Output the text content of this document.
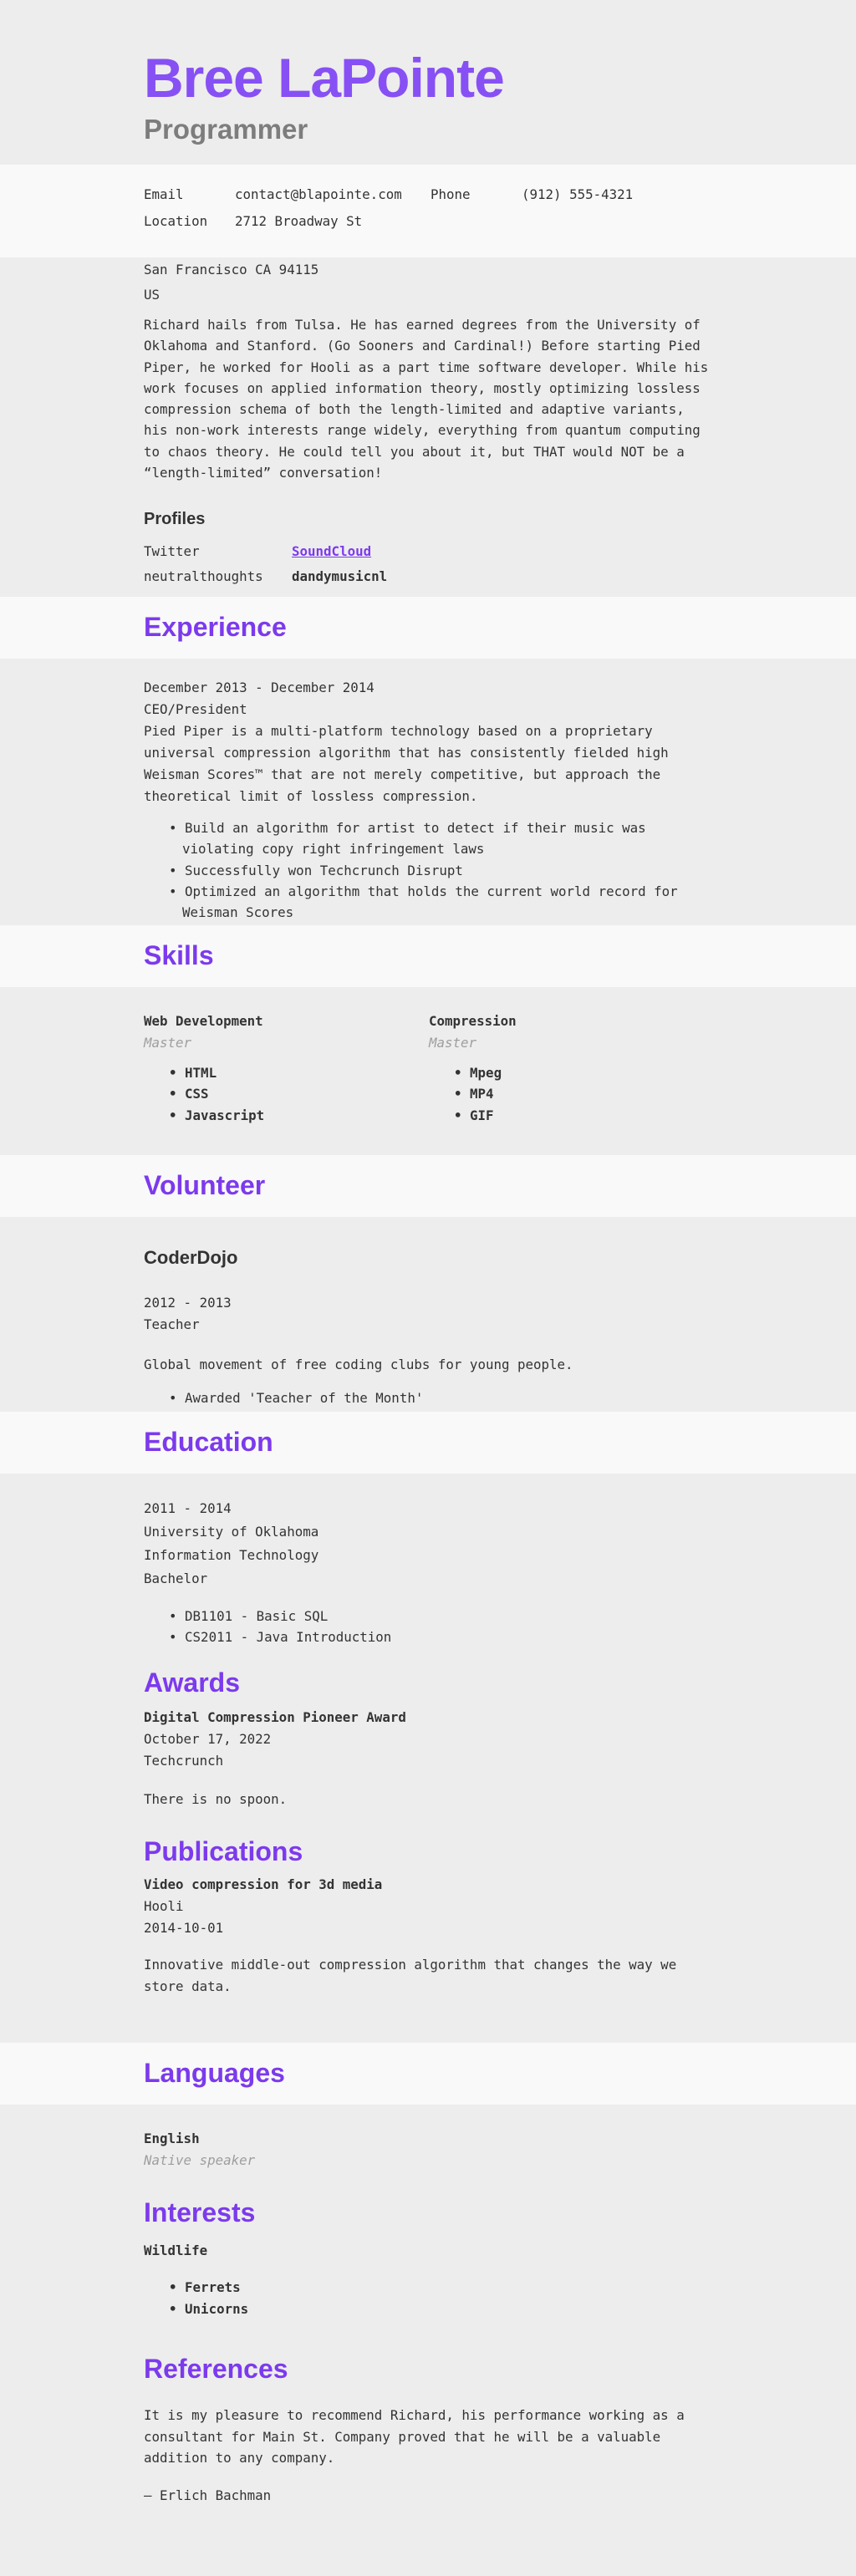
Bree LaPointe
Programmer
Email	contact@blapointe.com	Phone	(912) 555-4321
Location	2712 Broadway St
San Francisco CA 94115
US

Richard hails from Tulsa. He has earned degrees from the University of Oklahoma and Stanford. (Go Sooners and Cardinal!) Before starting Pied Piper, he worked for Hooli as a part time software developer. While his work focuses on applied information theory, mostly optimizing lossless compression schema of both the length-limited and adaptive variants, his non-work interests range widely, everything from quantum computing to chaos theory. He could tell you about it, but THAT would NOT be a “length-limited” conversation!

Profiles
Twitter	SoundCloud
neutralthoughts	dandymusicnl
Experience
December 2013 - December 2014
CEO/President
Pied Piper is a multi-platform technology based on a proprietary universal compression algorithm that has consistently fielded high Weisman Scores™ that are not merely competitive, but approach the theoretical limit of lossless compression.
• Build an algorithm for artist to detect if their music was violating copy right infringement laws
• Successfully won Techcrunch Disrupt
• Optimized an algorithm that holds the current world record for Weisman Scores
Skills
Web Development
Master
• HTML
• CSS
• Javascript
Compression
Master
• Mpeg
• MP4
• GIF
Volunteer
CoderDojo
2012 - 2013
Teacher
Global movement of free coding clubs for young people.
• Awarded 'Teacher of the Month'
Education
2011 - 2014
University of Oklahoma
Information Technology
Bachelor
• DB1101 - Basic SQL
• CS2011 - Java Introduction
Awards
Digital Compression Pioneer Award
October 17, 2022
Techcrunch
There is no spoon.
Publications
Video compression for 3d media
Hooli
2014-10-01
Innovative middle-out compression algorithm that changes the way we store data.
Languages
English
Native speaker
Interests
Wildlife
• Ferrets
• Unicorns
References
It is my pleasure to recommend Richard, his performance working as a consultant for Main St. Company proved that he will be a valuable addition to any company.
— Erlich Bachman
